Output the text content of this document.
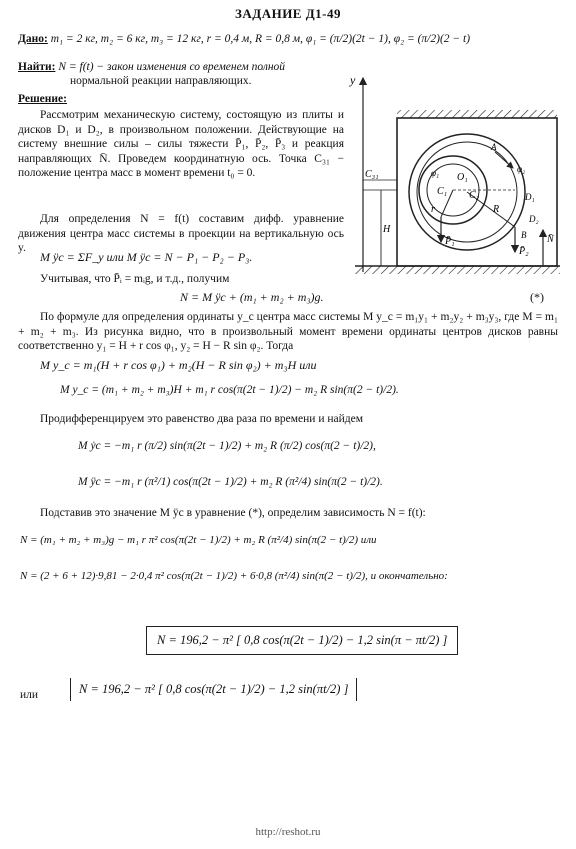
ЗАДАНИЕ Д1-49
Дано: m₁ = 2 кг, m₂ = 6 кг, m₃ = 12 кг, r = 0,4 м, R = 0,8 м, φ₁ = (π/2)(2t − 1), φ₂ = (π/2)(2 − t)
Найти: N = f(t) − закон изменения со временем полной
нормальной реакции направляющих.
Решение:
Рассмотрим механическую систему, состоящую из плиты и дисков D₁ и D₂, в произвольном положении. Действующие на систему внешние силы – силы тяжести P̄₁, P̄₂, P̄₃ и реакция направляющих N̄. Проведем координатную ось. Точка C₃₁ − положение центра масс в момент времени t₀ = 0.
y
C₃₁
H
O₁
C₂
C₁
r	R
P̄₁
P̄₂
N̄
φ₁	φ₂
A
D₁
D₂
B
Для определения N = f(t) составим дифф. уравнение движения центра масс системы в проекции на вертикальную ось y.
M ÿc = ΣF_y или M ÿc = N − P₁ − P₂ − P₃.
Учитывая, что P̄ᵢ = mᵢg, и т.д., получим
N = M ÿc + (m₁ + m₂ + m₃)g.	(*)
По формуле для определения ординаты y_c центра масс системы M y_c = m₁y₁ + m₂y₂ + m₃y₃, где M = m₁ + m₂ + m₃. Из рисунка видно, что в произвольный момент времени ординаты центров дисков равны соответственно y₁ = H + r cos φ₁, y₂ = H − R sin φ₂. Тогда
M y_c = m₁(H + r cos φ₁) + m₂(H − R sin φ₂) + m₃H или
M y_c = (m₁ + m₂ + m₃)H + m₁ r cos(π(2t − 1)/2) − m₂ R sin(π(2 − t)/2).
Продифференцируем это равенство два раза по времени и найдем
M ẏc = −m₁ r (π/2) sin(π(2t − 1)/2) + m₂ R (π/2) cos(π(2 − t)/2),
M ÿc = −m₁ r (π²/1) cos(π(2t − 1)/2) + m₂ R (π²/4) sin(π(2 − t)/2).
Подставив это значение M ÿc в уравнение (*), определим зависимость N = f(t):
N = (m₁ + m₂ + m₃)g − m₁ r π² cos(π(2t − 1)/2) + m₂ R (π²/4) sin(π(2 − t)/2) или
N = (2 + 6 + 12)·9,81 − 2·0,4 π² cos(π(2t − 1)/2) + 6·0,8 (π²/4) sin(π(2 − t)/2), и окончательно:
N = 196,2 − π² [ 0,8 cos(π(2t − 1)/2) − 1,2 sin(π − πt/2) ]
или	N = 196,2 − π² [ 0,8 cos(π(2t − 1)/2) − 1,2 sin(πt/2) ]
http://reshot.ru
